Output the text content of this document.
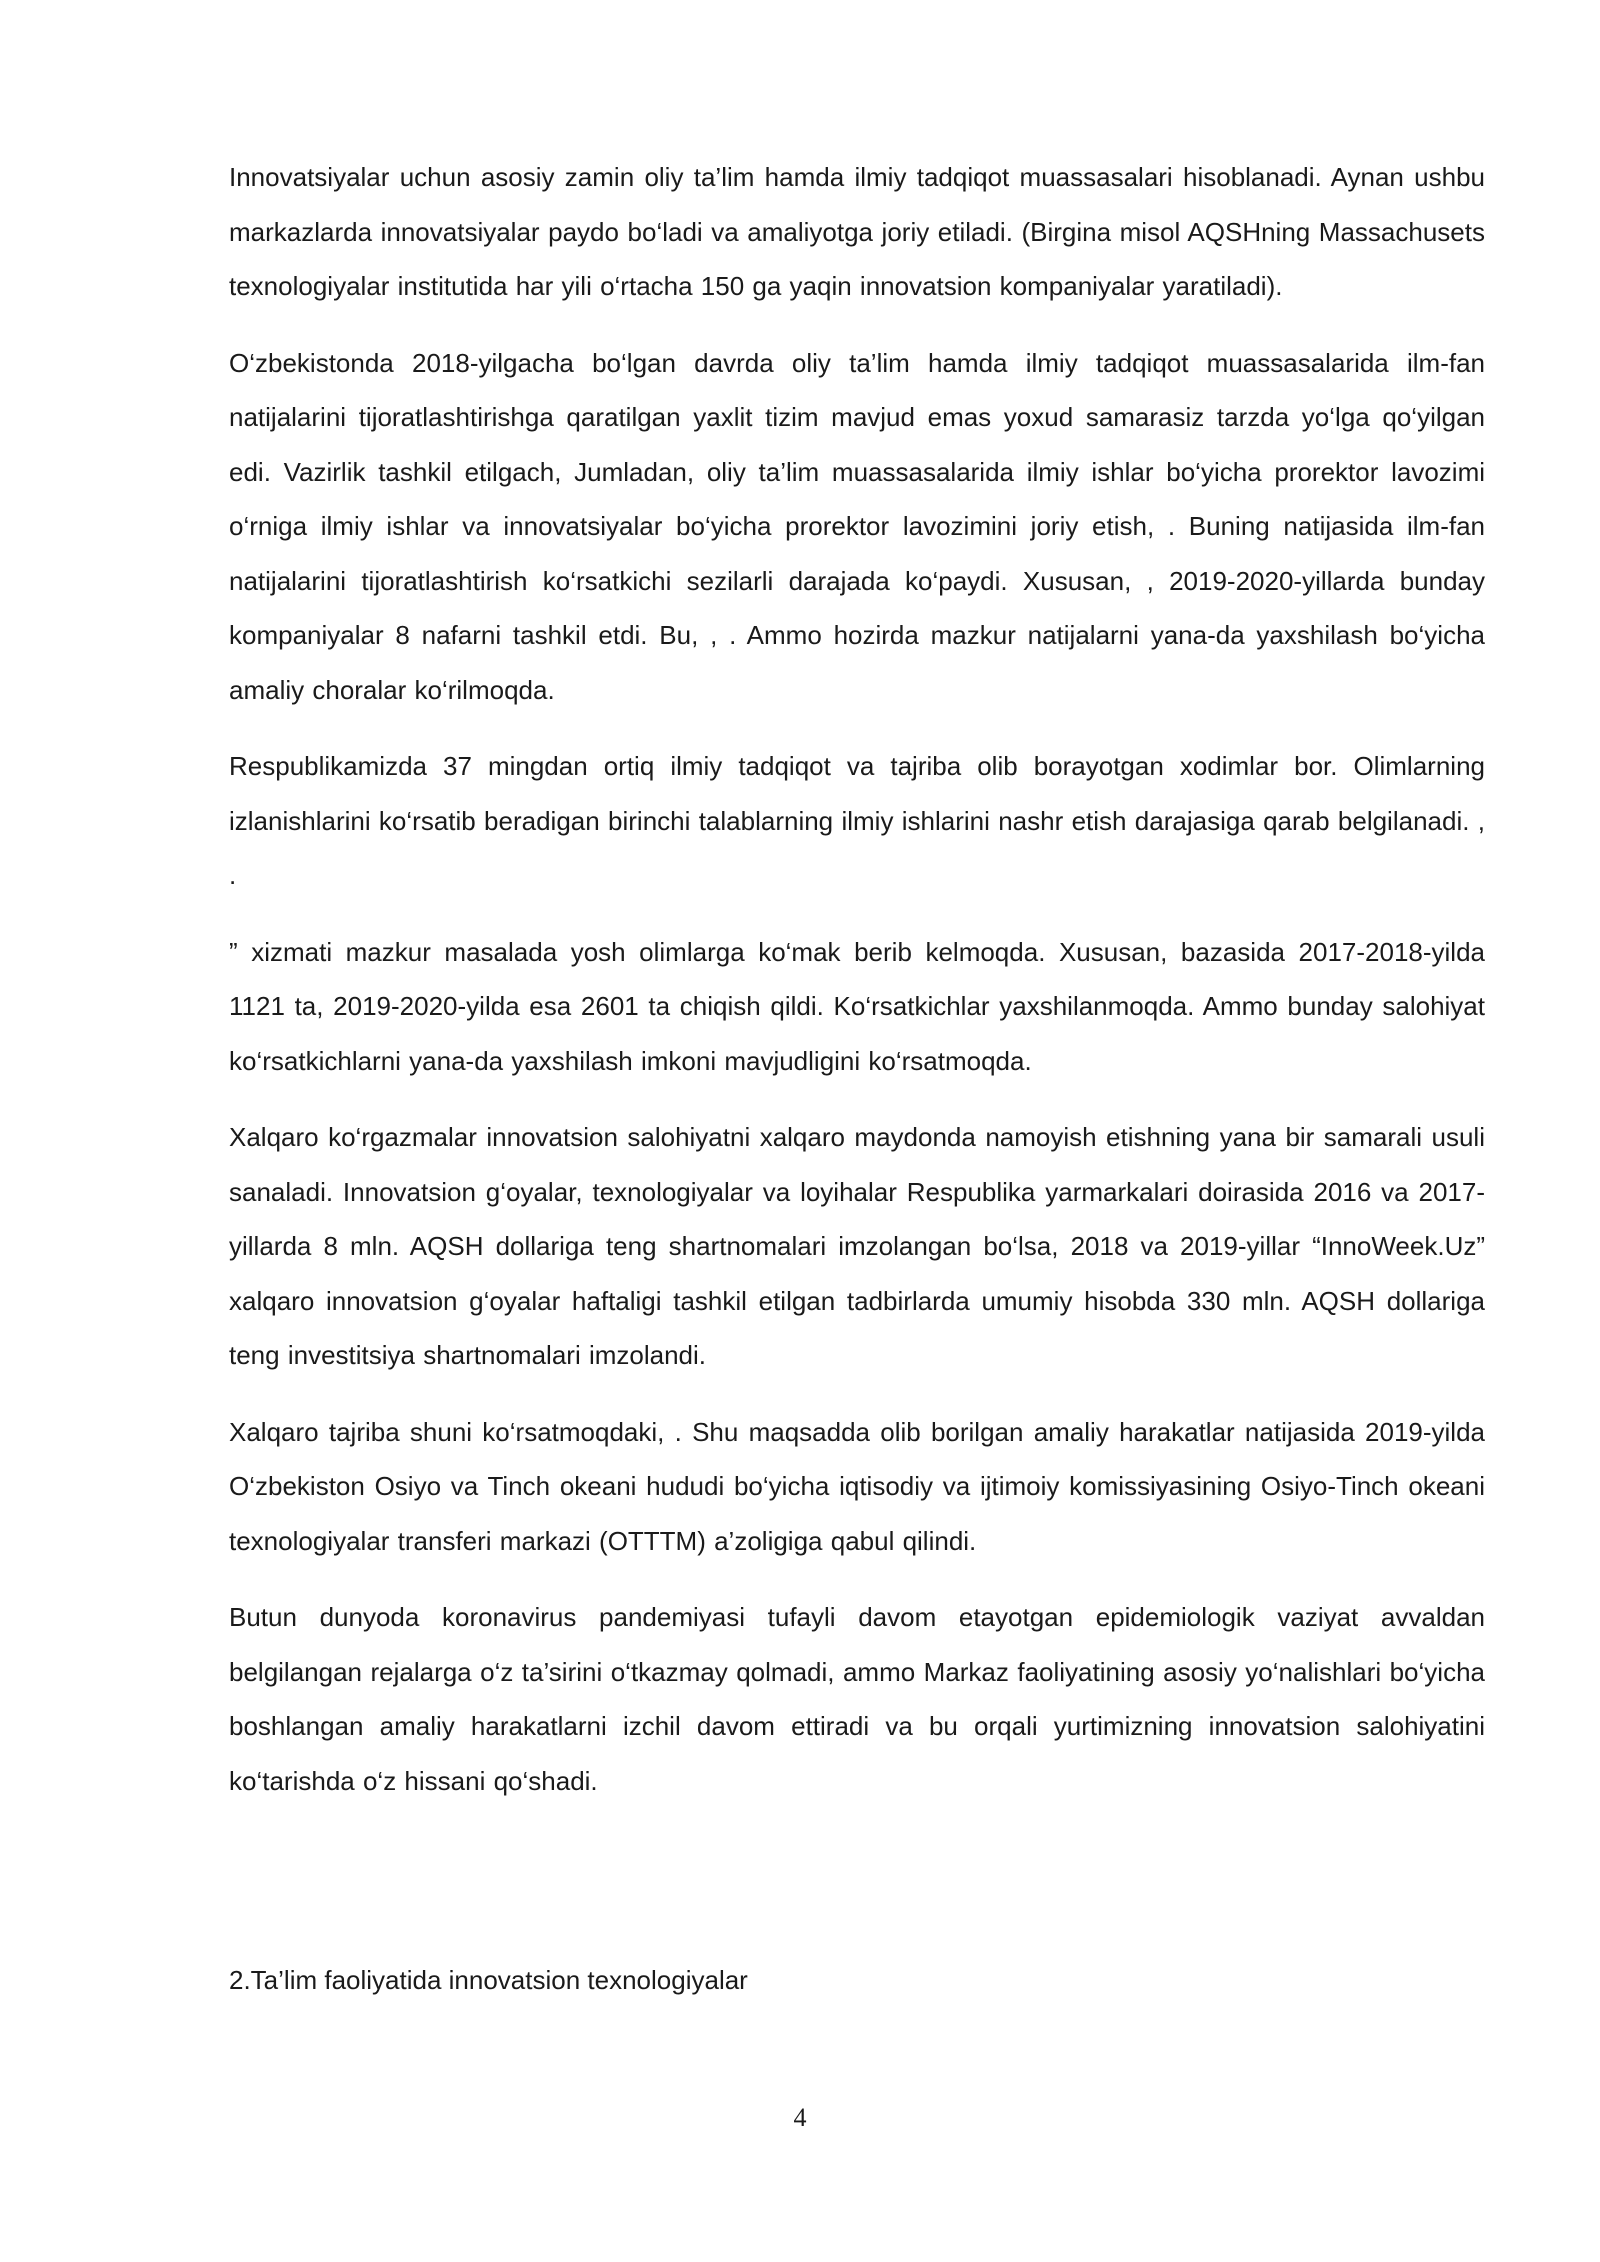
Innovatsiyalar uchun asosiy zamin oliy ta’lim hamda ilmiy tadqiqot muassasalari hisoblanadi. Aynan ushbu markazlarda innovatsiyalar paydo bo‘ladi va amaliyotga joriy etiladi. (Birgina misol AQSHning Massachusets texnologiyalar institutida har yili o‘rtacha 150 ga yaqin innovatsion kompaniyalar yaratiladi).

O‘zbekistonda 2018-yilgacha bo‘lgan davrda oliy ta’lim hamda ilmiy tadqiqot muassasalarida ilm-fan natijalarini tijoratlashtirishga qaratilgan yaxlit tizim mavjud emas yoxud samarasiz tarzda yo‘lga qo‘yilgan edi. Vazirlik tashkil etilgach, Jumladan, oliy ta’lim muassasalarida ilmiy ishlar bo‘yicha prorektor lavozimi o‘rniga ilmiy ishlar va innovatsiyalar bo‘yicha prorektor lavozimini joriy etish, . Buning natijasida ilm-fan natijalarini tijoratlashtirish ko‘rsatkichi sezilarli darajada ko‘paydi. Xususan, , 2019-2020-yillarda bunday kompaniyalar 8 nafarni tashkil etdi. Bu, , . Ammo hozirda mazkur natijalarni yana-da yaxshilash bo‘yicha amaliy choralar ko‘rilmoqda.

Respublikamizda 37 mingdan ortiq ilmiy tadqiqot va tajriba olib borayotgan xodimlar bor. Olimlarning izlanishlarini ko‘rsatib beradigan birinchi talablarning ilmiy ishlarini nashr etish darajasiga qarab belgilanadi. , .

” xizmati mazkur masalada yosh olimlarga ko‘mak berib kelmoqda. Xususan, bazasida 2017-2018-yilda 1121 ta, 2019-2020-yilda esa 2601 ta chiqish qildi. Ko‘rsatkichlar yaxshilanmoqda. Ammo bunday salohiyat ko‘rsatkichlarni yana-da yaxshilash imkoni mavjudligini ko‘rsatmoqda.

Xalqaro ko‘rgazmalar innovatsion salohiyatni xalqaro maydonda namoyish etishning yana bir samarali usuli sanaladi. Innovatsion g‘oyalar, texnologiyalar va loyihalar Respublika yarmarkalari doirasida 2016 va 2017-yillarda 8 mln. AQSH dollariga teng shartnomalari imzolangan bo‘lsa, 2018 va 2019-yillar “InnoWeek.Uz” xalqaro innovatsion g‘oyalar haftaligi tashkil etilgan tadbirlarda umumiy hisobda 330 mln. AQSH dollariga teng investitsiya shartnomalari imzolandi.

Xalqaro tajriba shuni ko‘rsatmoqdaki, . Shu maqsadda olib borilgan amaliy harakatlar natijasida 2019-yilda O‘zbekiston Osiyo va Tinch okeani hududi bo‘yicha iqtisodiy va ijtimoiy komissiyasining Osiyo-Tinch okeani texnologiyalar transferi markazi (OTTTM) a’zoligiga qabul qilindi.

Butun dunyoda koronavirus pandemiyasi tufayli davom etayotgan epidemiologik vaziyat avvaldan belgilangan rejalarga o‘z ta’sirini o‘tkazmay qolmadi, ammo Markaz faoliyatining asosiy yo‘nalishlari bo‘yicha boshlangan amaliy harakatlarni izchil davom ettiradi va bu orqali yurtimizning innovatsion salohiyatini ko‘tarishda o‘z hissani qo‘shadi.

2.Ta’lim faoliyatida innovatsion texnologiyalar

4
